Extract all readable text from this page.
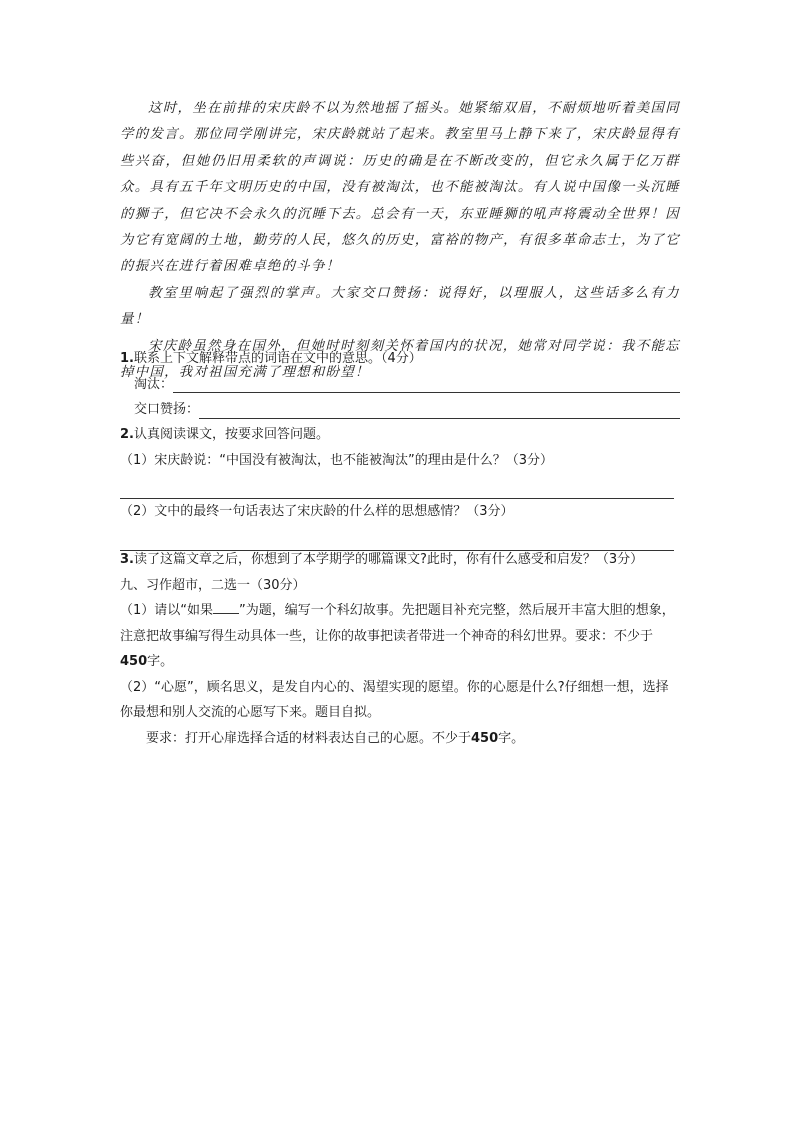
这时，坐在前排的宋庆龄不以为然地摇了摇头。她紧缩双眉，不耐烦地听着美国同学的发言。那位同学刚讲完，宋庆龄就站了起来。教室里马上静下来了，宋庆龄显得有些兴奋，但她仍旧用柔软的声调说：历史的确是在不断改变的，但它永久属于亿万群众。具有五千年文明历史的中国，没有被淘汰，也不能被淘汰。有人说中国像一头沉睡的狮子，但它决不会永久的沉睡下去。总会有一天，东亚睡狮的吼声将震动全世界！因为它有宽阔的土地，勤劳的人民，悠久的历史，富裕的物产，有很多革命志士，为了它的振兴在进行着困难卓绝的斗争！

教室里响起了强烈的掌声。大家交口赞扬：说得好，以理服人，这些话多么有力量！

宋庆龄虽然身在国外，但她时时刻刻关怀着国内的状况，她常对同学说：我不能忘掉中国，我对祖国充满了理想和盼望！

1.联系上下文解释带点的词语在文中的意思。（4分）

淘汰：
交口赞扬：

2.认真阅读课文，按要求回答问题。

（1）宋庆龄说：“中国没有被淘汰，也不能被淘汰”的理由是什么？（3分）

（2）文中的最终一句话表达了宋庆龄的什么样的思想感情？（3分）

3.读了这篇文章之后，你想到了本学期学的哪篇课文?此时，你有什么感受和启发？（3分）

九、习作超市，二选一（30分）

（1）请以“如果 ”为题，编写一个科幻故事。先把题目补充完整，然后展开丰富大胆的想象，注意把故事编写得生动具体一些，让你的故事把读者带进一个神奇的科幻世界。要求：不少于450字。

（2）“心愿”，顾名思义，是发自内心的、渴望实现的愿望。你的心愿是什么?仔细想一想，选择你最想和别人交流的心愿写下来。题目自拟。

要求：打开心扉选择合适的材料表达自己的心愿。不少于450字。
